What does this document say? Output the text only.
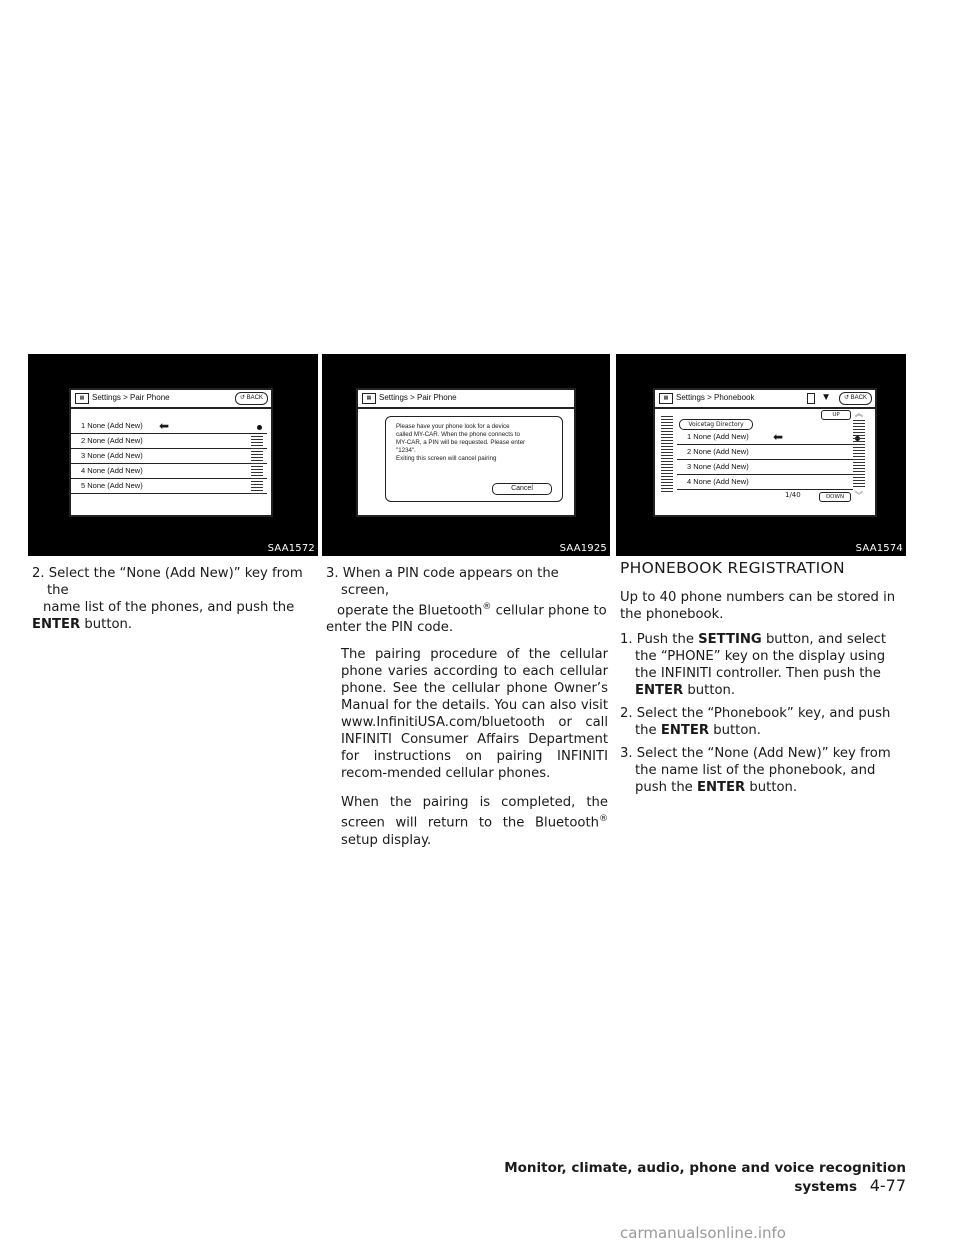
▦ Settings > Pair Phone	↺ BACK
1 None (Add New) ⬅
2 None (Add New)
3 None (Add New)
4 None (Add New)
5 None (Add New)
SAA1572
▦ Settings > Pair Phone
Please have your phone look for a device
called MY-CAR. When the phone connects to
MY-CAR, a PIN will be requested. Please enter
"1234".
Exiting this screen will cancel pairing
Cancel
SAA1925
▦ Settings > Phonebook	▼	↺ BACK
UP	︽
Voicetag Directory
1 None (Add New) ⬅
2 None (Add New)
3 None (Add New)
4 None (Add New)
1/40	DOWN	︾
SAA1574
2. Select the “None (Add New)” key from the
name list of the phones, and push the
ENTER button.
3. When a PIN code appears on the screen,
operate the Bluetooth® cellular phone to
enter the PIN code.

The pairing procedure of the cellular phone varies according to each cellular phone. See the cellular phone Owner’s Manual for the details. You can also visit www.InfinitiUSA.com/bluetooth or call INFINITI Consumer Affairs Department for instructions on pairing INFINITI recom-mended cellular phones.

When the pairing is completed, the screen will return to the Bluetooth® setup display.

PHONEBOOK REGISTRATION

Up to 40 phone numbers can be stored in the phonebook.

1. Push the SETTING button, and select the “PHONE” key on the display using the INFINITI controller. Then push the ENTER button.
2. Select the “Phonebook” key, and push the ENTER button.
3. Select the “None (Add New)” key from the name list of the phonebook, and push the ENTER button.
Monitor, climate, audio, phone and voice recognition systems 4-77
carmanualsonline.info
